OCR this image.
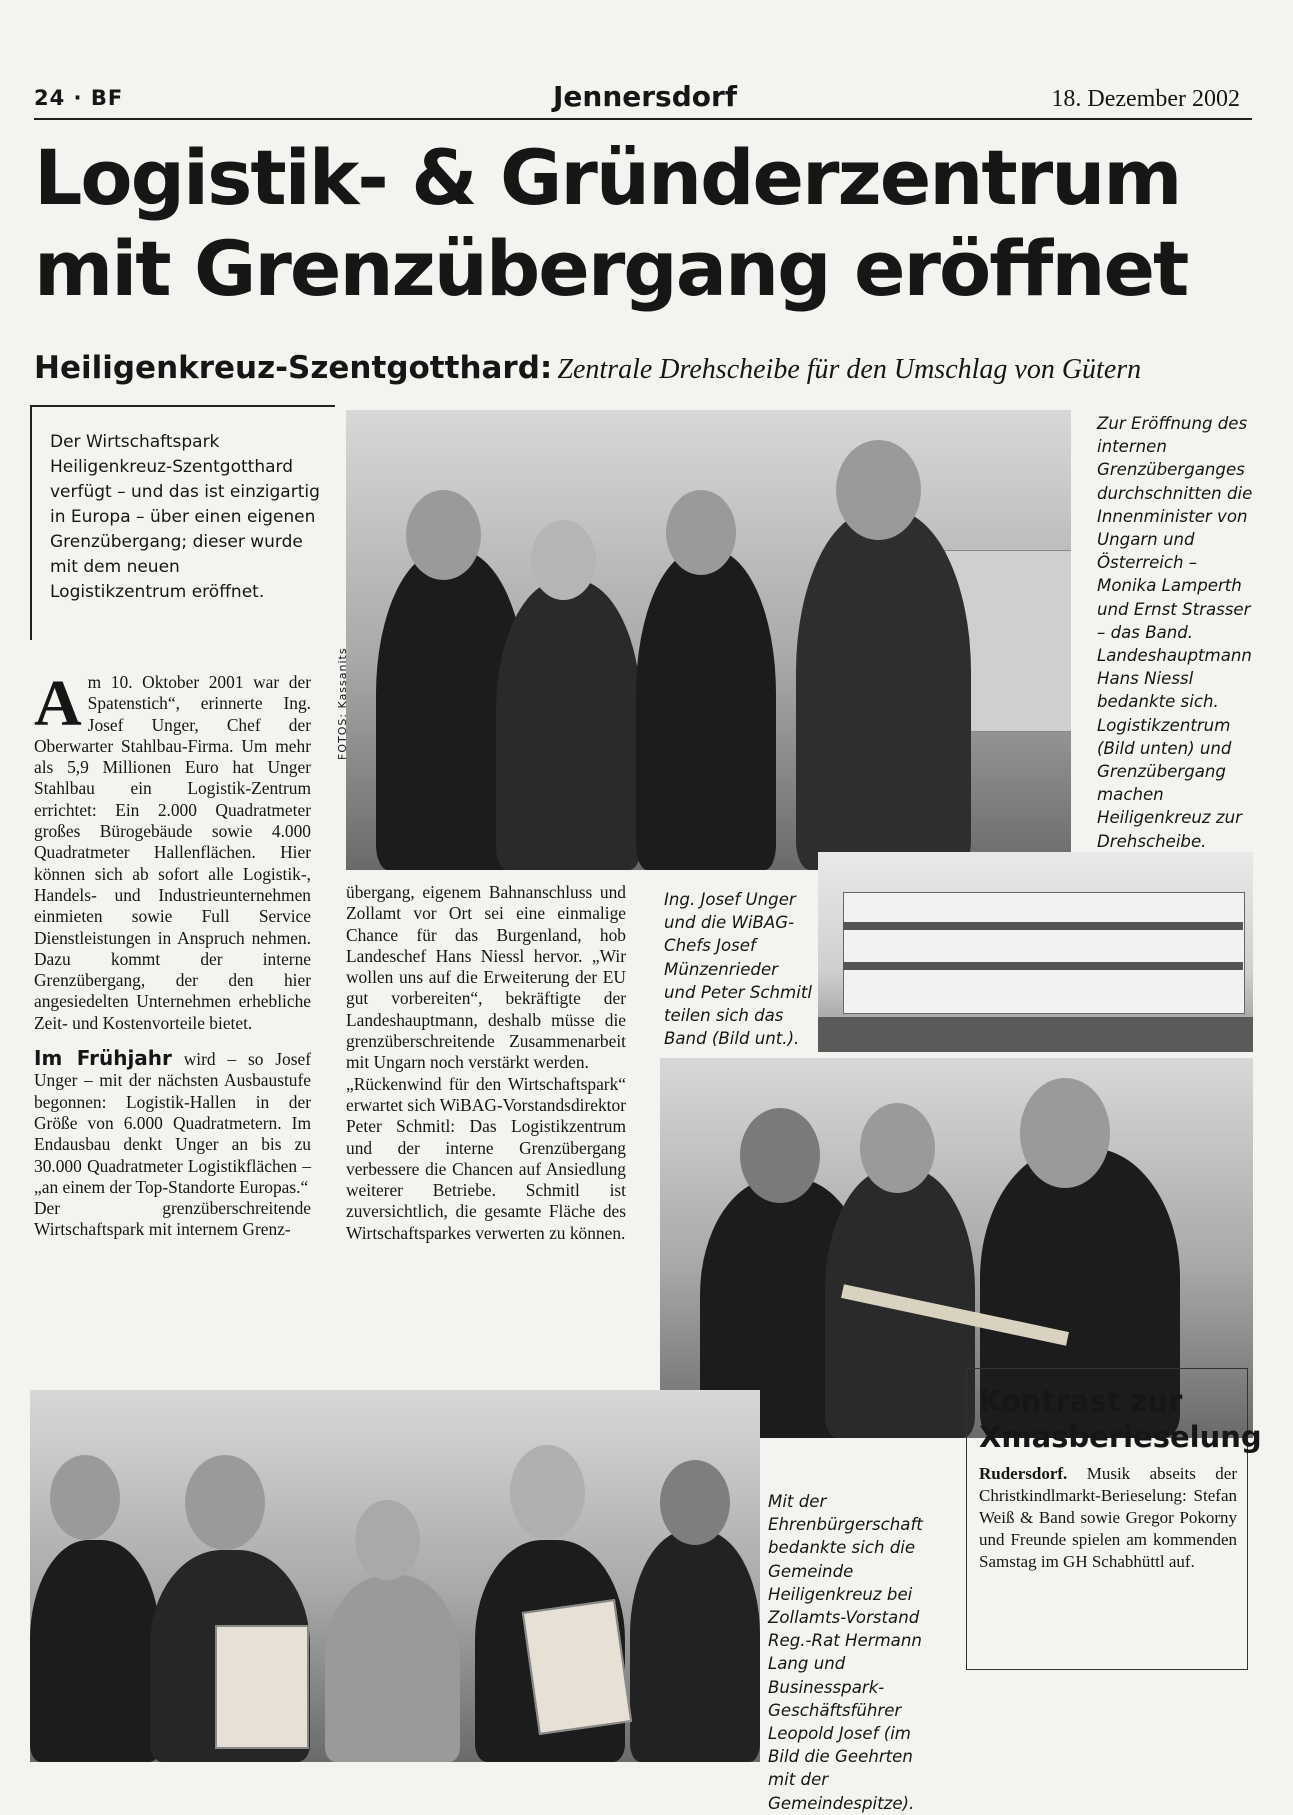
24 · BF	Jennersdorf	18. Dezember 2002
Logistik- & Gründerzentrum
mit Grenzübergang eröffnet
Heiligenkreuz-Szentgotthard: Zentrale Drehscheibe für den Umschlag von Gütern
Der Wirtschaftspark Heiligenkreuz-Szentgotthard verfügt – und das ist einzigartig in Europa – über einen eigenen Grenzübergang; dieser wurde mit dem neuen Logistikzentrum eröffnet.
Am 10. Oktober 2001 war der Spatenstich“, erinnerte Ing. Josef Unger, Chef der Oberwarter Stahlbau-Firma. Um mehr als 5,9 Millionen Euro hat Unger Stahlbau ein Logistik-Zentrum errichtet: Ein 2.000 Quadratmeter großes Bürogebäude sowie 4.000 Quadratmeter Hallenflächen. Hier können sich ab sofort alle Logistik-, Handels- und Industrieunternehmen einmieten sowie Full Service Dienstleistungen in Anspruch nehmen. Dazu kommt der interne Grenzübergang, der den hier angesiedelten Unternehmen erhebliche Zeit- und Kostenvorteile bietet.
Im Frühjahr wird – so Josef Unger – mit der nächsten Ausbaustufe begonnen: Logistik-Hallen in der Größe von 6.000 Quadratmetern. Im Endausbau denkt Unger an bis zu 30.000 Quadratmeter Logistikflächen – „an einem der Top-Standorte Europas.“
Der grenzüberschreitende Wirtschaftspark mit internem Grenz-
FOTOS: Kassanits
Zur Eröffnung des internen Grenzüberganges durchschnitten die Innenminister von Ungarn und Österreich – Monika Lamperth und Ernst Strasser – das Band. Landeshauptmann Hans Niessl bedankte sich. Logistikzentrum (Bild unten) und Grenzübergang machen Heiligenkreuz zur Drehscheibe.
übergang, eigenem Bahnanschluss und Zollamt vor Ort sei eine einmalige Chance für das Burgenland, hob Landeschef Hans Niessl hervor. „Wir wollen uns auf die Erweiterung der EU gut vorbereiten“, bekräftigte der Landeshauptmann, deshalb müsse die grenzüberschreitende Zusammenarbeit mit Ungarn noch verstärkt werden.
„Rückenwind für den Wirtschaftspark“ erwartet sich WiBAG-Vorstandsdirektor Peter Schmitl: Das Logistikzentrum und der interne Grenzübergang verbessere die Chancen auf Ansiedlung weiterer Betriebe. Schmitl ist zuversichtlich, die gesamte Fläche des Wirtschaftsparkes verwerten zu können.
Ing. Josef Unger und die WiBAG-Chefs Josef Münzenrieder und Peter Schmitl teilen sich das Band (Bild unt.).
Mit der Ehrenbürgerschaft bedankte sich die Gemeinde Heiligenkreuz bei Zollamts-Vorstand Reg.-Rat Hermann Lang und Businesspark-Geschäftsführer Leopold Josef (im Bild die Geehrten mit der Gemeindespitze).
Kontrast zur Xmasberieselung
Rudersdorf. Musik abseits der Christkindlmarkt-Berieselung: Stefan Weiß & Band sowie Gregor Pokorny und Freunde spielen am kommenden Samstag im GH Schabhüttl auf.
